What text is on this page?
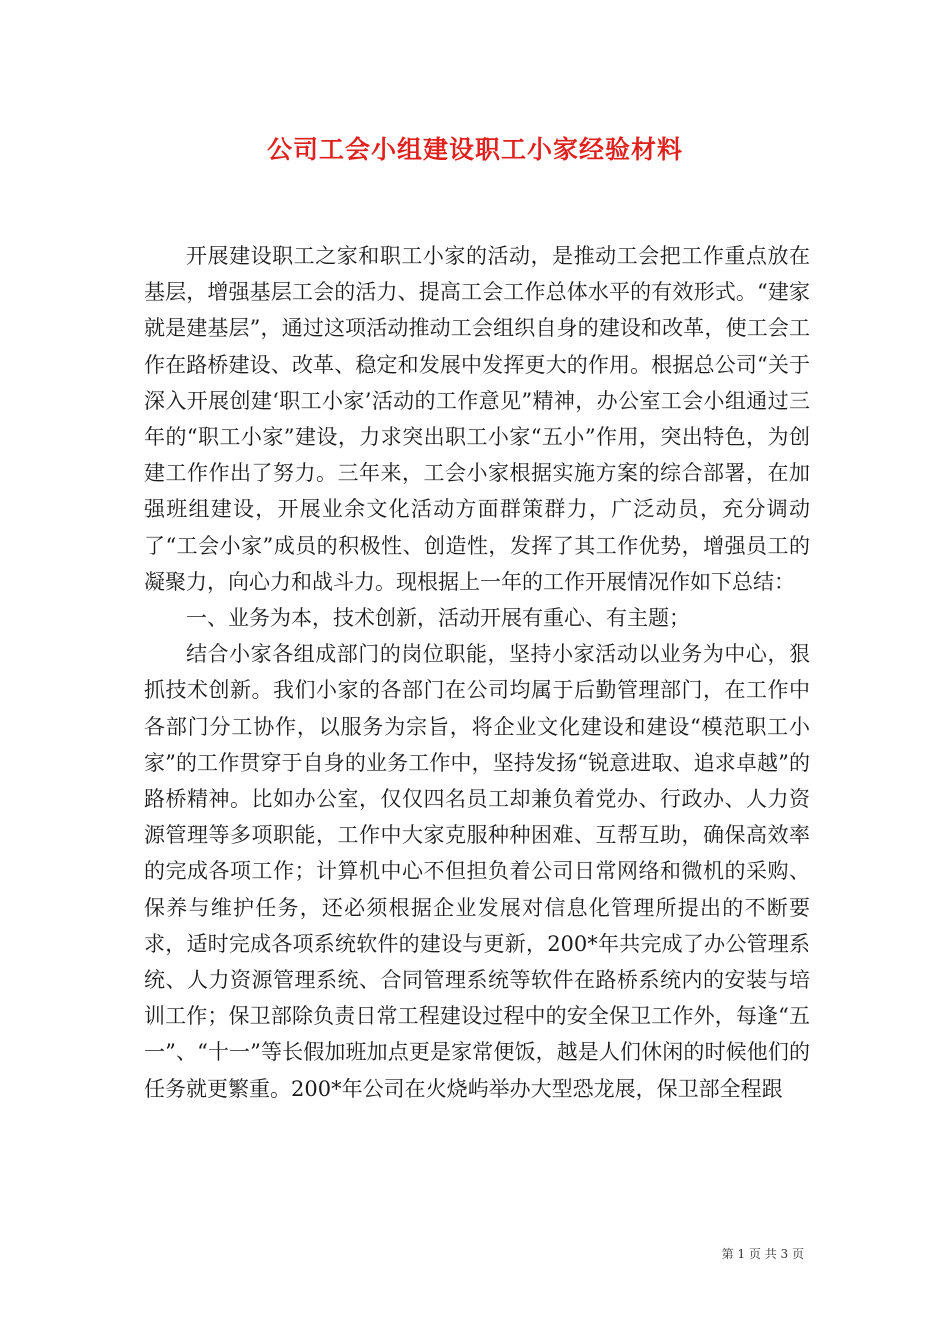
公司工会小组建设职工小家经验材料

开展建设职工之家和职工小家的活动，是推动工会把工作重点放在基层，增强基层工会的活力、提高工会工作总体水平的有效形式。“建家就是建基层”，通过这项活动推动工会组织自身的建设和改革，使工会工作在路桥建设、改革、稳定和发展中发挥更大的作用。根据总公司“关于深入开展创建‘职工小家’活动的工作意见”精神，办公室工会小组通过三年的“职工小家”建设，力求突出职工小家“五小”作用，突出特色，为创建工作作出了努力。三年来，工会小家根据实施方案的综合部署，在加强班组建设，开展业余文化活动方面群策群力，广泛动员，充分调动了“工会小家”成员的积极性、创造性，发挥了其工作优势，增强员工的凝聚力，向心力和战斗力。现根据上一年的工作开展情况作如下总结：

一、业务为本，技术创新，活动开展有重心、有主题；

结合小家各组成部门的岗位职能，坚持小家活动以业务为中心，狠抓技术创新。我们小家的各部门在公司均属于后勤管理部门，在工作中各部门分工协作，以服务为宗旨，将企业文化建设和建设“模范职工小家”的工作贯穿于自身的业务工作中，坚持发扬“锐意进取、追求卓越”的路桥精神。比如办公室，仅仅四名员工却兼负着党办、行政办、人力资源管理等多项职能，工作中大家克服种种困难、互帮互助，确保高效率的完成各项工作；计算机中心不但担负着公司日常网络和微机的采购、保养与维护任务，还必须根据企业发展对信息化管理所提出的不断要求，适时完成各项系统软件的建设与更新，200*年共完成了办公管理系统、人力资源管理系统、合同管理系统等软件在路桥系统内的安装与培训工作；保卫部除负责日常工程建设过程中的安全保卫工作外，每逢“五一”、“十一”等长假加班加点更是家常便饭，越是人们休闲的时候他们的任务就更繁重。200*年公司在火烧屿举办大型恐龙展，保卫部全程跟

第 1 页 共 3 页
